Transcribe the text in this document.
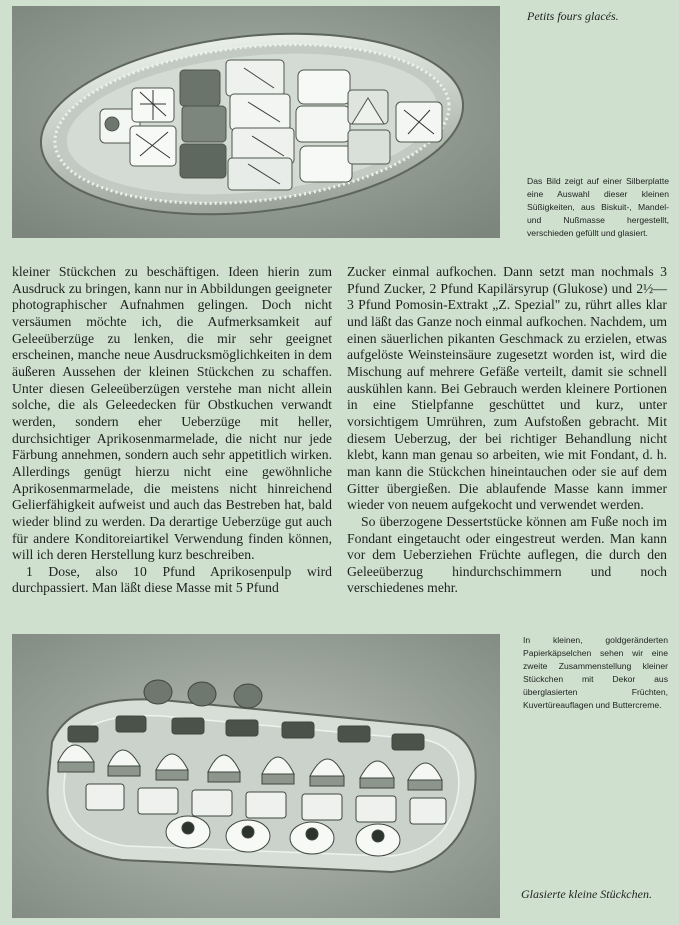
Petits fours glacés.
Das Bild zeigt auf einer Silberplatte eine Auswahl dieser kleinen Süßigkeiten, aus Biskuit-, Mandel- und Nußmasse hergestellt, verschieden gefüllt und glasiert.

kleiner Stückchen zu beschäftigen. Ideen hierin zum Ausdruck zu bringen, kann nur in Abbildungen geeigneter photographischer Aufnahmen gelingen. Doch nicht versäumen möchte ich, die Aufmerksamkeit auf Geleeüberzüge zu lenken, die mir sehr geeignet erscheinen, manche neue Ausdrucksmöglichkeiten in dem äußeren Aussehen der kleinen Stückchen zu schaffen. Unter diesen Geleeüberzügen verstehe man nicht allein solche, die als Geleedecken für Obstkuchen verwandt werden, sondern eher Ueberzüge mit heller, durchsichtiger Aprikosenmarmelade, die nicht nur jede Färbung annehmen, sondern auch sehr appetitlich wirken. Allerdings genügt hierzu nicht eine gewöhnliche Aprikosenmarmelade, die meistens nicht hinreichend Gelierfähigkeit aufweist und auch das Bestreben hat, bald wieder blind zu werden. Da derartige Ueberzüge gut auch für andere Konditoreiartikel Verwendung finden können, will ich deren Herstellung kurz beschreiben.

1 Dose, also 10 Pfund Aprikosenpulp wird durchpassiert. Man läßt diese Masse mit 5 Pfund

Zucker einmal aufkochen. Dann setzt man nochmals 3 Pfund Zucker, 2 Pfund Kapilärsyrup (Glukose) und 2½—3 Pfund Pomosin-Extrakt „Z. Spezial" zu, rührt alles klar und läßt das Ganze noch einmal aufkochen. Nachdem, um einen säuerlichen pikanten Geschmack zu erzielen, etwas aufgelöste Weinsteinsäure zugesetzt worden ist, wird die Mischung auf mehrere Gefäße verteilt, damit sie schnell auskühlen kann. Bei Gebrauch werden kleinere Portionen in eine Stielpfanne geschüttet und kurz, unter vorsichtigem Umrühren, zum Aufstoßen gebracht. Mit diesem Ueberzug, der bei richtiger Behandlung nicht klebt, kann man genau so arbeiten, wie mit Fondant, d. h. man kann die Stückchen hineintauchen oder sie auf dem Gitter übergießen. Die ablaufende Masse kann immer wieder von neuem aufgekocht und verwendet werden.

So überzogene Dessertstücke können am Fuße noch im Fondant eingetaucht oder eingestreut werden. Man kann vor dem Ueberziehen Früchte auflegen, die durch den Geleeüberzug hindurchschimmern und noch verschiedenes mehr.

In kleinen, goldgeränderten Papierkäpselchen sehen wir eine zweite Zusammenstellung kleiner Stückchen mit Dekor aus überglasierten Früchten, Kuvertüreauflagen und Buttercreme.
Glasierte kleine Stückchen.
